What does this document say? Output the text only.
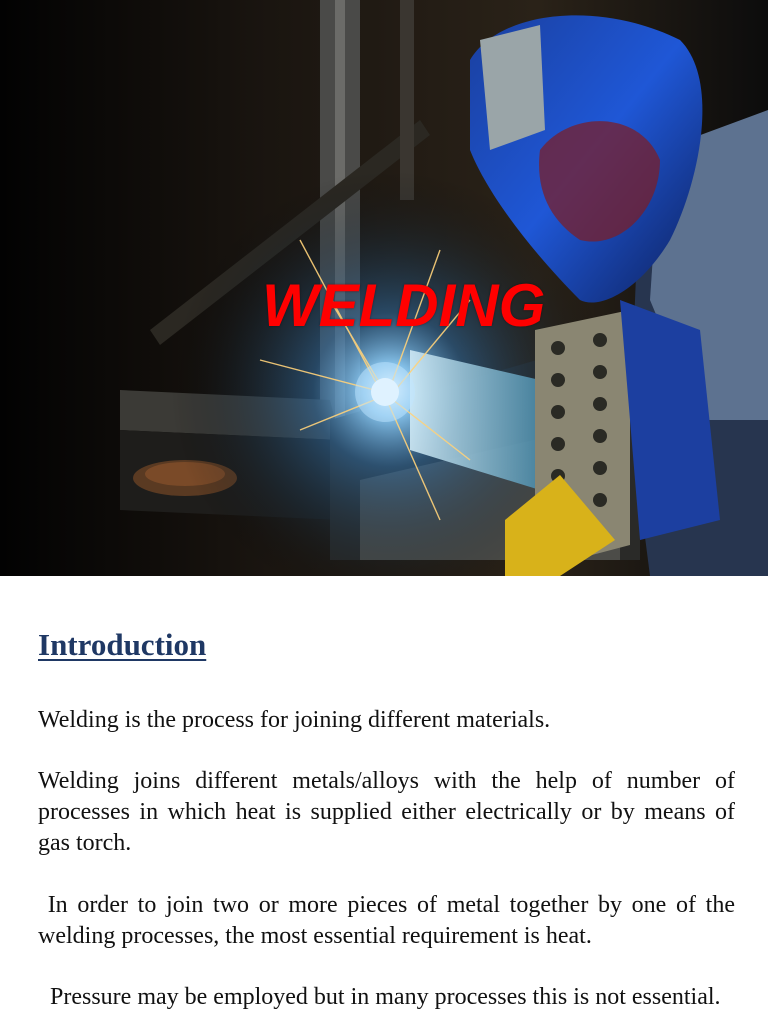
WELDING
Introduction

Welding is the process for joining different materials.

Welding joins different metals/alloys with the help of number of processes in which heat is supplied either electrically or by means of gas torch.

In order to join two or more pieces of metal together by one of the welding processes, the most essential requirement is heat.

Pressure may be employed but in many processes this is not essential.
